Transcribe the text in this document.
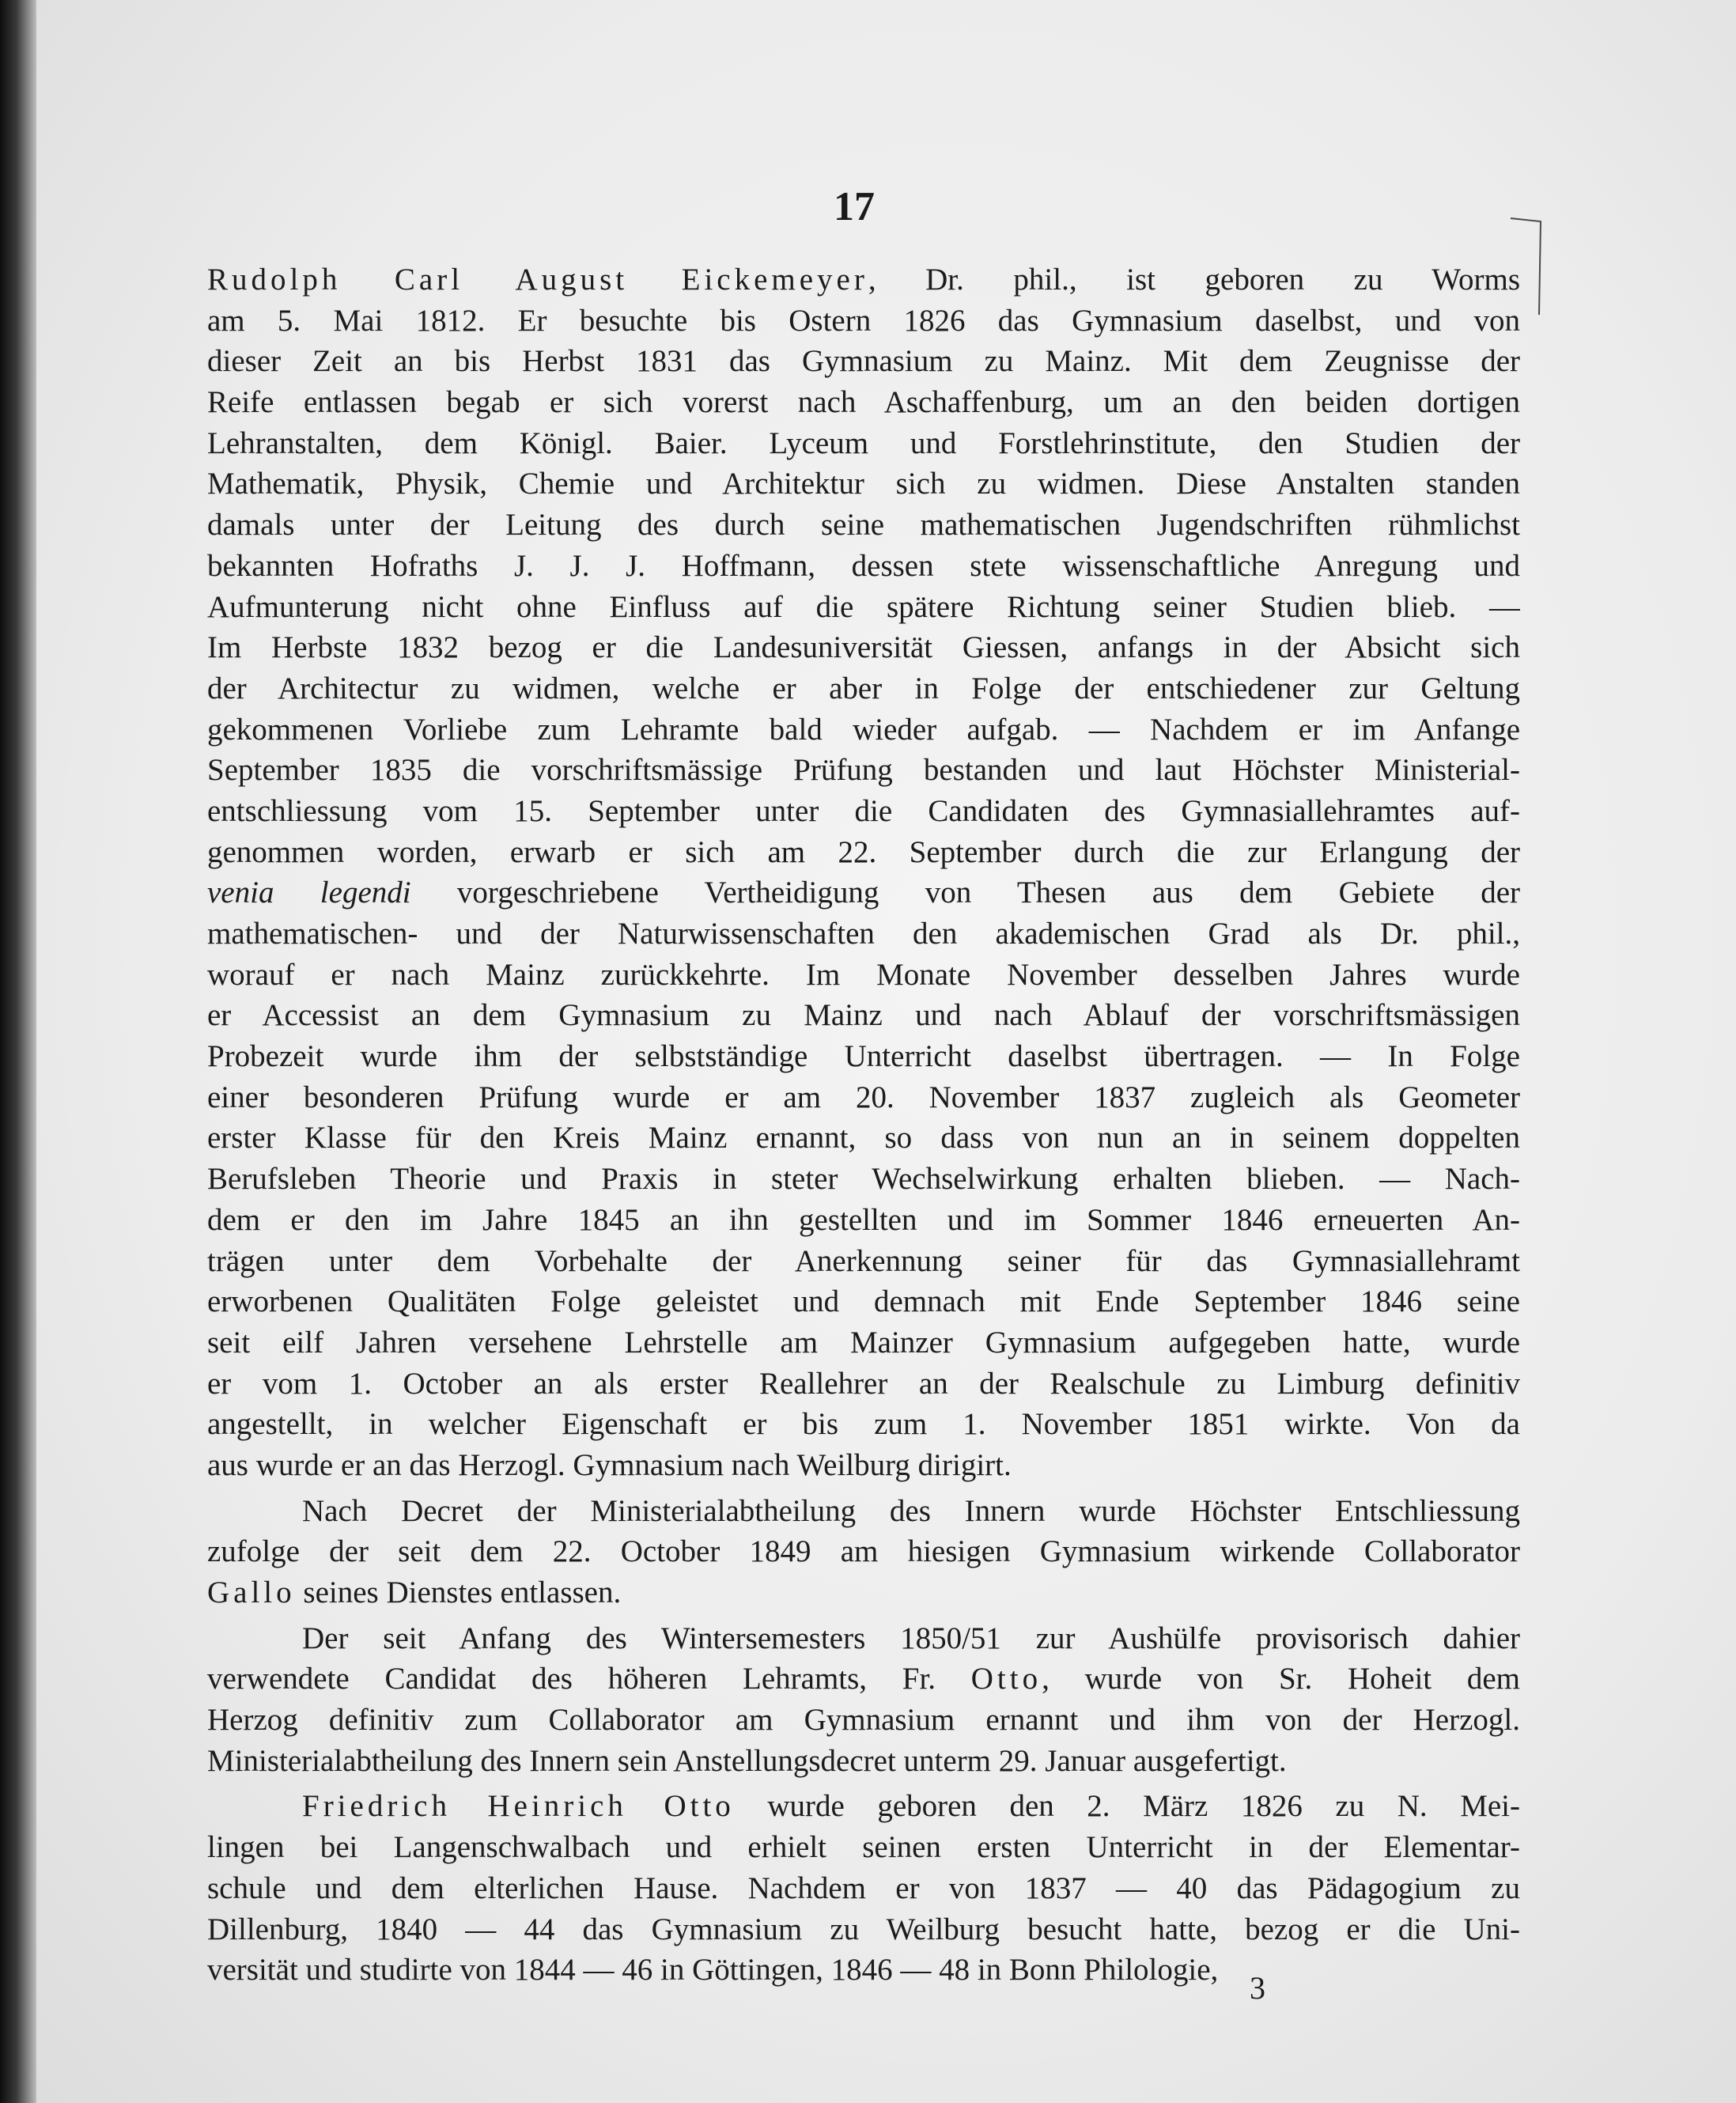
17
Rudolph Carl August Eickemeyer, Dr. phil., ist geboren zu Worms
am 5. Mai 1812. Er besuchte bis Ostern 1826 das Gymnasium daselbst, und von
dieser Zeit an bis Herbst 1831 das Gymnasium zu Mainz. Mit dem Zeugnisse der
Reife entlassen begab er sich vorerst nach Aschaffenburg, um an den beiden dortigen
Lehranstalten, dem Königl. Baier. Lyceum und Forstlehrinstitute, den Studien der
Mathematik, Physik, Chemie und Architektur sich zu widmen. Diese Anstalten standen
damals unter der Leitung des durch seine mathematischen Jugendschriften rühmlichst
bekannten Hofraths J. J. J. Hoffmann, dessen stete wissenschaftliche Anregung und
Aufmunterung nicht ohne Einfluss auf die spätere Richtung seiner Studien blieb. —
Im Herbste 1832 bezog er die Landesuniversität Giessen, anfangs in der Absicht sich
der Architectur zu widmen, welche er aber in Folge der entschiedener zur Geltung
gekommenen Vorliebe zum Lehramte bald wieder aufgab. — Nachdem er im Anfange
September 1835 die vorschriftsmässige Prüfung bestanden und laut Höchster Ministerial-
entschliessung vom 15. September unter die Candidaten des Gymnasiallehramtes auf-
genommen worden, erwarb er sich am 22. September durch die zur Erlangung der
venia legendi vorgeschriebene Vertheidigung von Thesen aus dem Gebiete der
mathematischen- und der Naturwissenschaften den akademischen Grad als Dr. phil.,
worauf er nach Mainz zurückkehrte. Im Monate November desselben Jahres wurde
er Accessist an dem Gymnasium zu Mainz und nach Ablauf der vorschriftsmässigen
Probezeit wurde ihm der selbstständige Unterricht daselbst übertragen. — In Folge
einer besonderen Prüfung wurde er am 20. November 1837 zugleich als Geometer
erster Klasse für den Kreis Mainz ernannt, so dass von nun an in seinem doppelten
Berufsleben Theorie und Praxis in steter Wechselwirkung erhalten blieben. — Nach-
dem er den im Jahre 1845 an ihn gestellten und im Sommer 1846 erneuerten An-
trägen unter dem Vorbehalte der Anerkennung seiner für das Gymnasiallehramt
erworbenen Qualitäten Folge geleistet und demnach mit Ende September 1846 seine
seit eilf Jahren versehene Lehrstelle am Mainzer Gymnasium aufgegeben hatte, wurde
er vom 1. October an als erster Reallehrer an der Realschule zu Limburg definitiv
angestellt, in welcher Eigenschaft er bis zum 1. November 1851 wirkte. Von da
aus wurde er an das Herzogl. Gymnasium nach Weilburg dirigirt.
Nach Decret der Ministerialabtheilung des Innern wurde Höchster Entschliessung
zufolge der seit dem 22. October 1849 am hiesigen Gymnasium wirkende Collaborator
Gallo seines Dienstes entlassen.
Der seit Anfang des Wintersemesters 1850/51 zur Aushülfe provisorisch dahier
verwendete Candidat des höheren Lehramts, Fr. Otto, wurde von Sr. Hoheit dem
Herzog definitiv zum Collaborator am Gymnasium ernannt und ihm von der Herzogl.
Ministerialabtheilung des Innern sein Anstellungsdecret unterm 29. Januar ausgefertigt.
Friedrich Heinrich Otto wurde geboren den 2. März 1826 zu N. Mei-
lingen bei Langenschwalbach und erhielt seinen ersten Unterricht in der Elementar-
schule und dem elterlichen Hause. Nachdem er von 1837 — 40 das Pädagogium zu
Dillenburg, 1840 — 44 das Gymnasium zu Weilburg besucht hatte, bezog er die Uni-
versität und studirte von 1844 — 46 in Göttingen, 1846 — 48 in Bonn Philologie,
3
